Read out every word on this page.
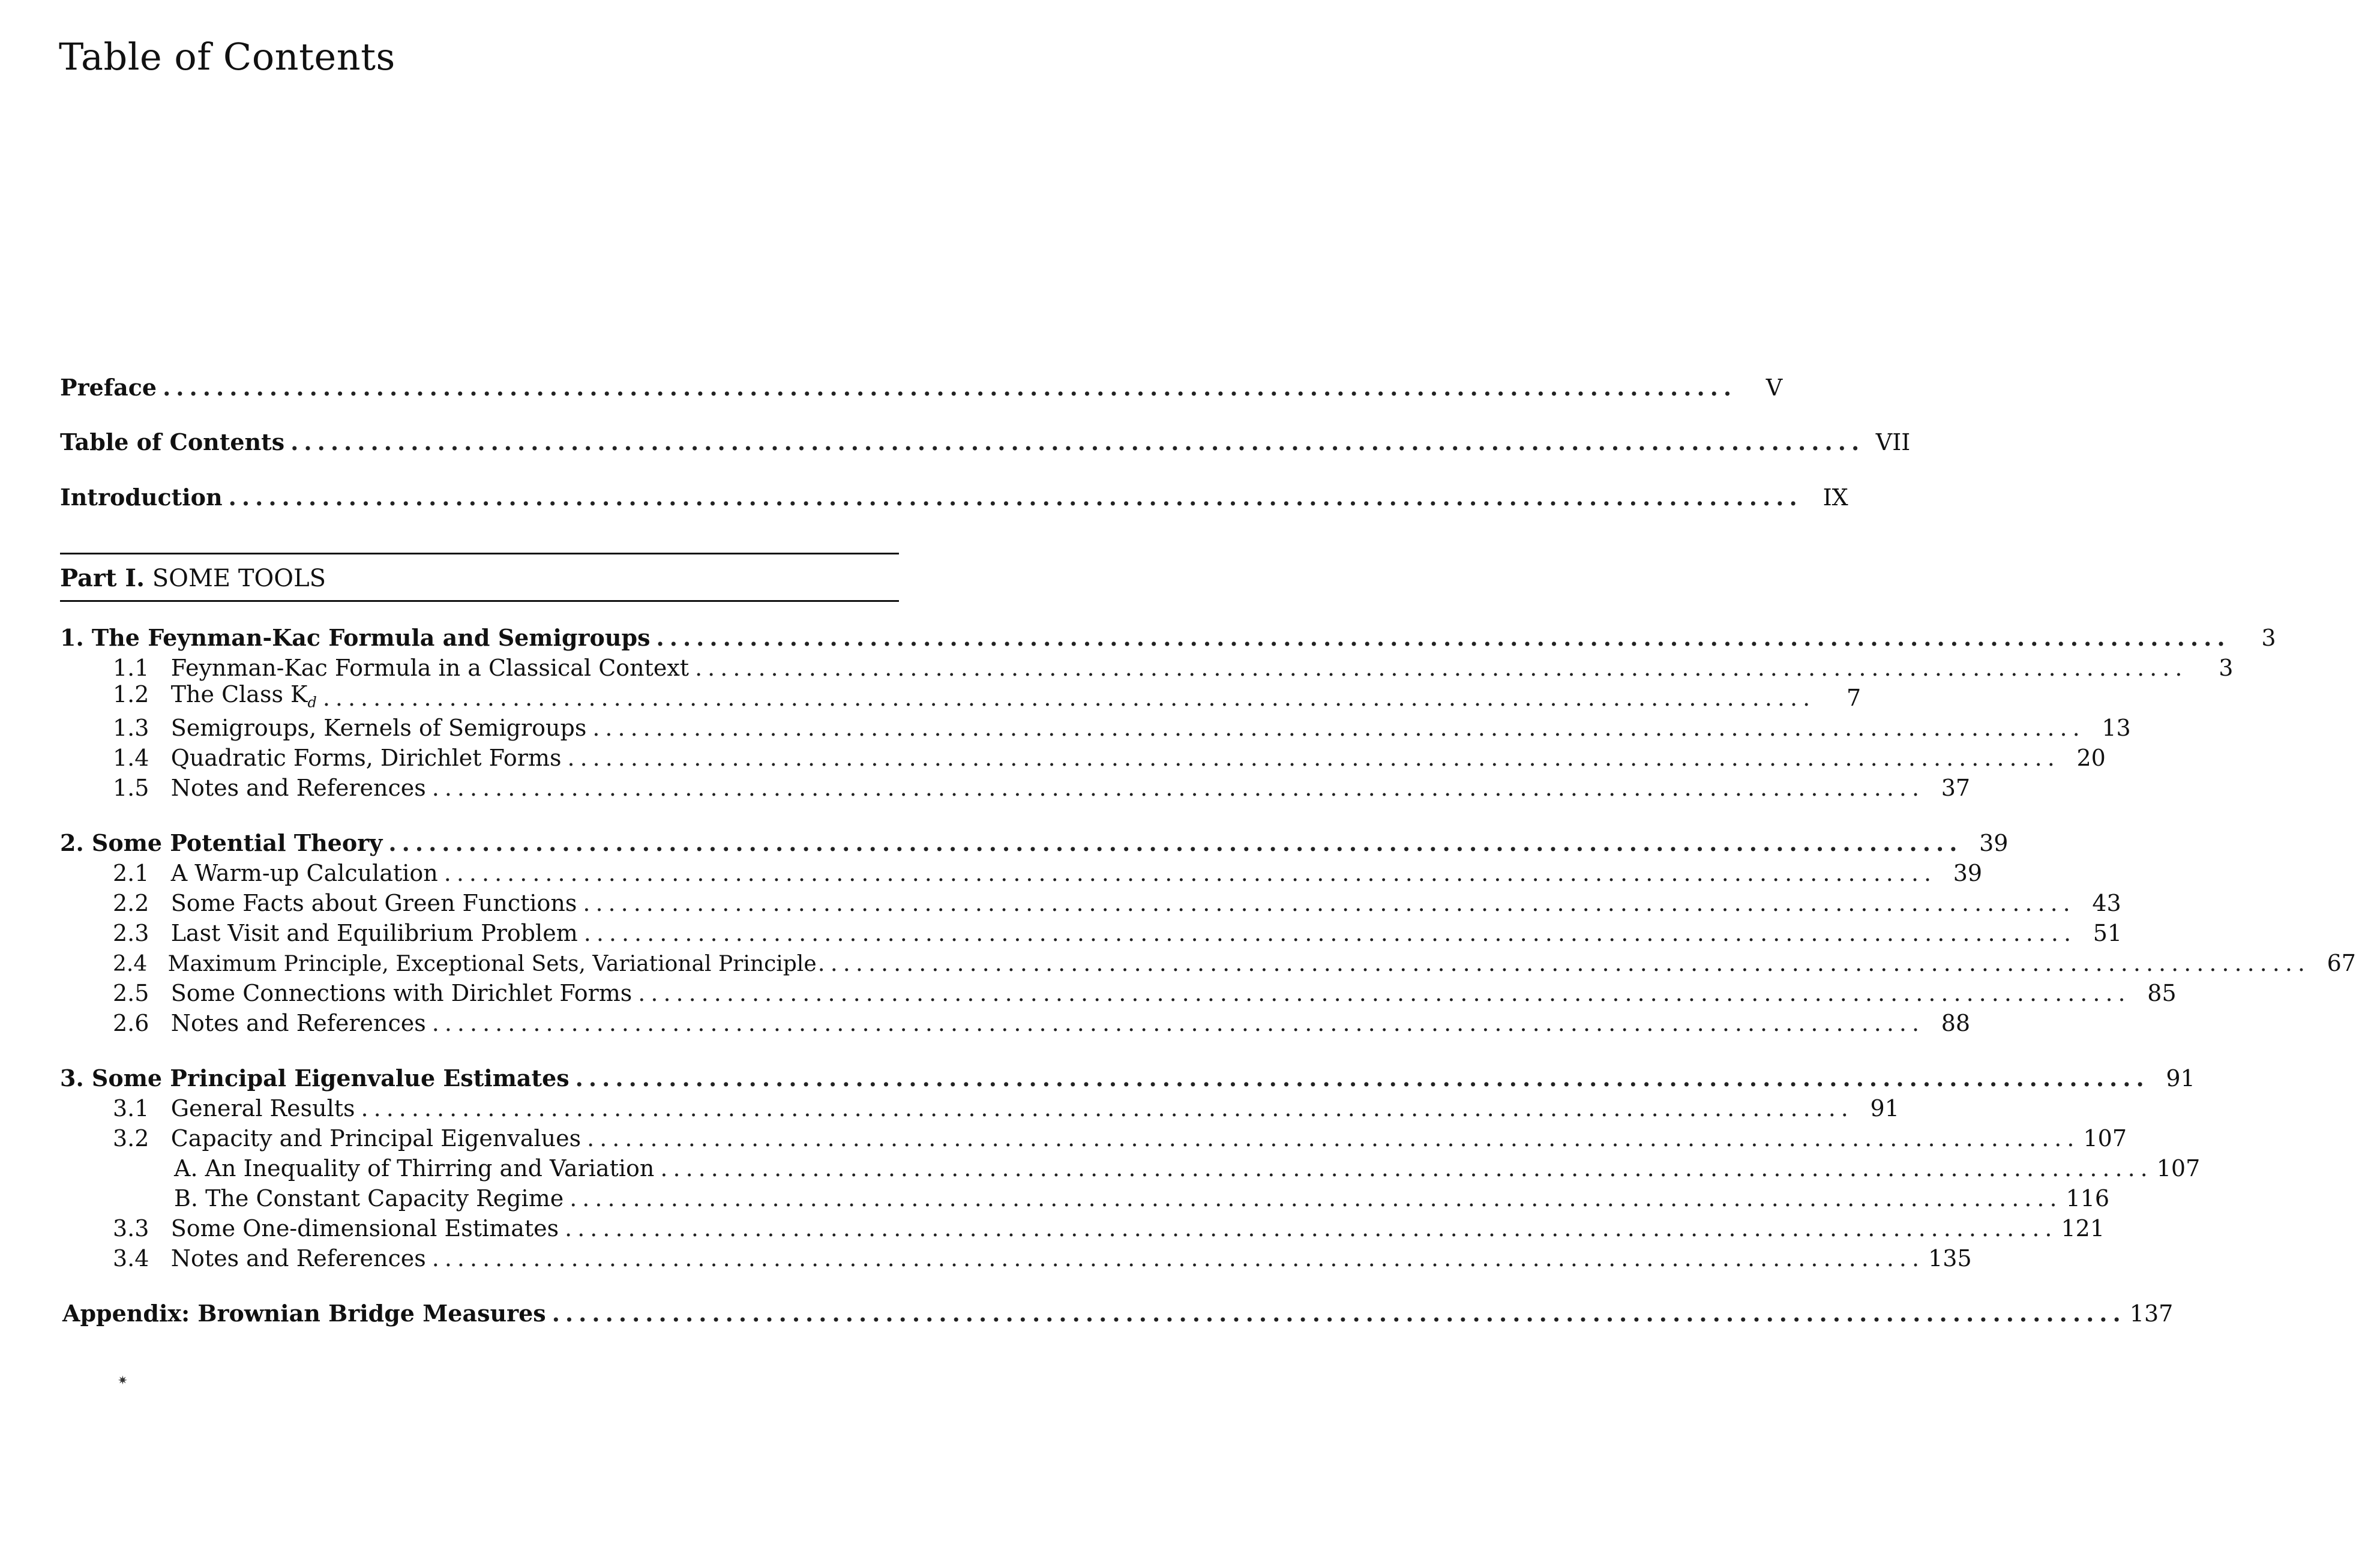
Table of Contents
Preface ......................................................................................................................	V
Table of Contents ...................................................................................................................... VII
Introduction ...................................................................................................................... IX
Part I. SOME TOOLS
1. The Feynman-Kac Formula and Semigroups ......................................................................................................................	3
1.1 Feynman-Kac Formula in a Classical Context ......................................................................................................................	3
1.2 The Class $K_d$ ......................................................................................................................	7
1.3 Semigroups, Kernels of Semigroups ...................................................................................................................... 13
1.4 Quadratic Forms, Dirichlet Forms ...................................................................................................................... 20
1.5 Notes and References ...................................................................................................................... 37
2. Some Potential Theory ...................................................................................................................... 39
2.1 A Warm-up Calculation ...................................................................................................................... 39
2.2 Some Facts about Green Functions ...................................................................................................................... 43
2.3 Last Visit and Equilibrium Problem ...................................................................................................................... 51
2.4 Maximum Principle, Exceptional Sets, Variational Principle ...................................................................................................................... 67
2.5 Some Connections with Dirichlet Forms ...................................................................................................................... 85
2.6 Notes and References ...................................................................................................................... 88
3. Some Principal Eigenvalue Estimates ...................................................................................................................... 91
3.1 General Results ...................................................................................................................... 91
3.2 Capacity and Principal Eigenvalues ...................................................................................................................... 107
A. An Inequality of Thirring and Variation ...................................................................................................................... 107
B. The Constant Capacity Regime ...................................................................................................................... 116
3.3 Some One-dimensional Estimates ...................................................................................................................... 121
3.4 Notes and References ...................................................................................................................... 135
Appendix: Brownian Bridge Measures ...................................................................................................................... 137
✷
